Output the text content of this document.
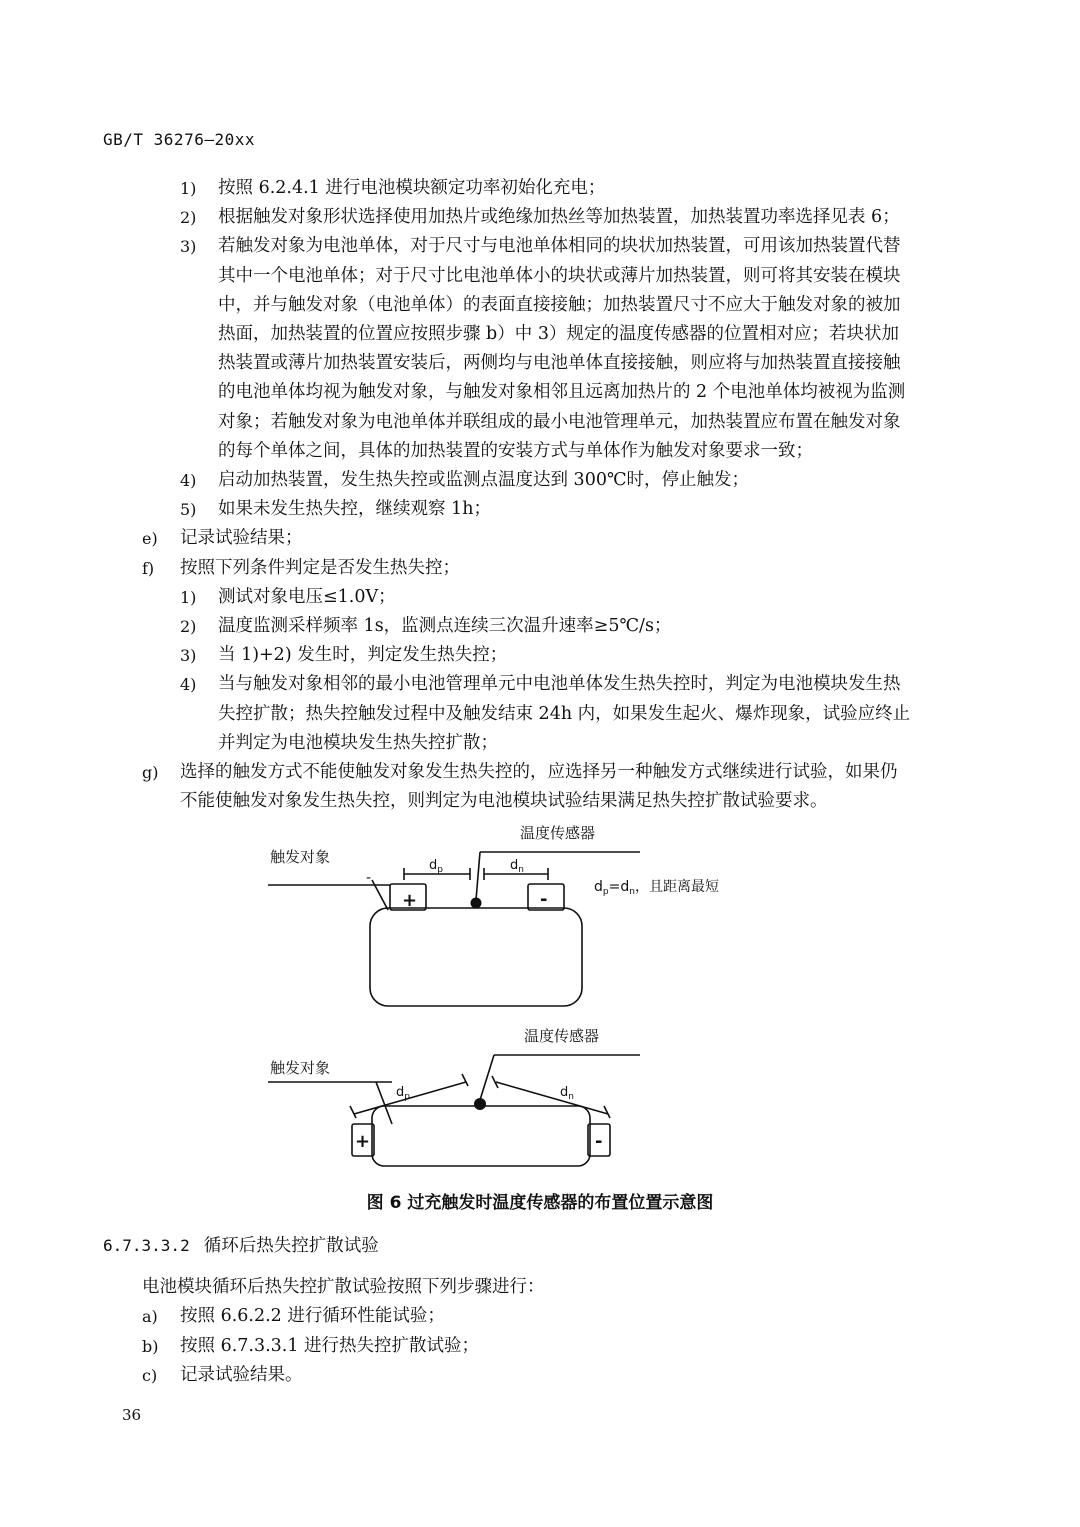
GB/T 36276—20xx
1) 按照 6.2.4.1 进行电池模块额定功率初始化充电；
2) 根据触发对象形状选择使用加热片或绝缘加热丝等加热装置，加热装置功率选择见表 6；
3) 若触发对象为电池单体，对于尺寸与电池单体相同的块状加热装置，可用该加热装置代替
其中一个电池单体；对于尺寸比电池单体小的块状或薄片加热装置，则可将其安装在模块
中，并与触发对象（电池单体）的表面直接接触；加热装置尺寸不应大于触发对象的被加
热面，加热装置的位置应按照步骤 b）中 3）规定的温度传感器的位置相对应；若块状加
热装置或薄片加热装置安装后，两侧均与电池单体直接接触，则应将与加热装置直接接触
的电池单体均视为触发对象，与触发对象相邻且远离加热片的 2 个电池单体均被视为监测
对象；若触发对象为电池单体并联组成的最小电池管理单元，加热装置应布置在触发对象
的每个单体之间，具体的加热装置的安装方式与单体作为触发对象要求一致；
4) 启动加热装置，发生热失控或监测点温度达到 300℃时，停止触发；
5) 如果未发生热失控，继续观察 1h；
e) 记录试验结果；
f) 按照下列条件判定是否发生热失控；
1) 测试对象电压≤1.0V；
2) 温度监测采样频率 1s，监测点连续三次温升速率≥5℃/s；
3) 当 1)+2) 发生时，判定发生热失控；
4) 当与触发对象相邻的最小电池管理单元中电池单体发生热失控时，判定为电池模块发生热
失控扩散；热失控触发过程中及触发结束 24h 内，如果发生起火、爆炸现象，试验应终止
并判定为电池模块发生热失控扩散；
g) 选择的触发方式不能使触发对象发生热失控的，应选择另一种触发方式继续进行试验，如果仍
不能使触发对象发生热失控，则判定为电池模块试验结果满足热失控扩散试验要求。
触发对象
-
温度传感器
$d_p$	$d_n$
+	-
$d_p=d_n$，且距离最短
触发对象
温度传感器
$d_p$	$d_n$
+	-
图 6 过充触发时温度传感器的布置位置示意图
6.7.3.3.2 循环后热失控扩散试验
电池模块循环后热失控扩散试验按照下列步骤进行：
a) 按照 6.6.2.2 进行循环性能试验；
b) 按照 6.7.3.3.1 进行热失控扩散试验；
c) 记录试验结果。
36
